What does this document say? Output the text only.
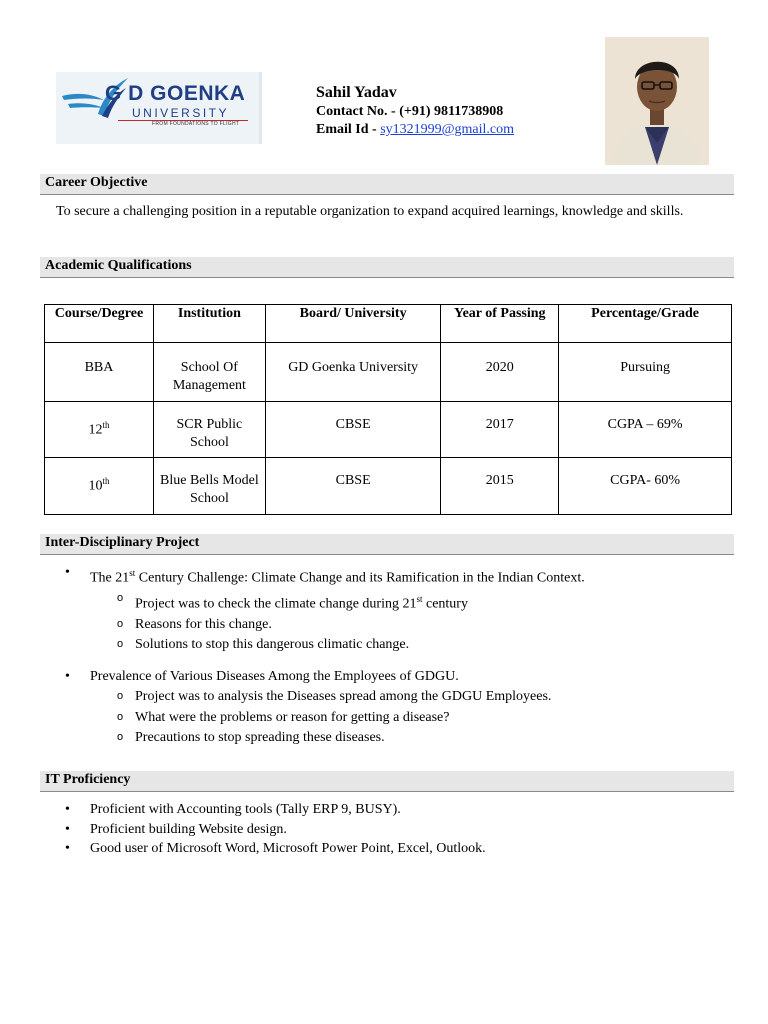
G D GOENKA
UNIVERSITY
FROM FOUNDATIONS TO FLIGHT
Sahil Yadav
Contact No. - (+91) 9811738908
Email Id - sy1321999@gmail.com
Career Objective
To secure a challenging position in a reputable organization to expand acquired learnings, knowledge and skills.
Academic Qualifications
Course/Degree	Institution	Board/ University	Year of Passing	Percentage/Grade
BBA	School Of Management	GD Goenka University	2020	Pursuing
12th	SCR Public School	CBSE	2017	CGPA – 69%
10th	Blue Bells Model School	CBSE	2015	CGPA- 60%
Inter-Disciplinary Project
• The 21st Century Challenge: Climate Change and its Ramification in the Indian Context.
o Project was to check the climate change during 21st century
o Reasons for this change.
o Solutions to stop this dangerous climatic change.
• Prevalence of Various Diseases Among the Employees of GDGU.
o Project was to analysis the Diseases spread among the GDGU Employees.
o What were the problems or reason for getting a disease?
o Precautions to stop spreading these diseases.
IT Proficiency
• Proficient with Accounting tools (Tally ERP 9, BUSY).
• Proficient building Website design.
• Good user of Microsoft Word, Microsoft Power Point, Excel, Outlook.
